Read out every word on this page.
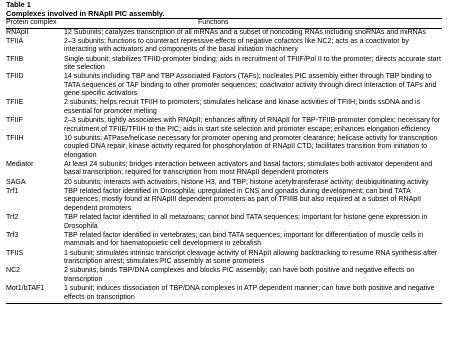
Table 1
Complexes involved in RNApII PIC assembly.
Protein complex	Functions
RNApII	12 Subunits; catalyzes transcription of all mRNAs and a subset of noncoding RNAs including snoRNAs and miRNAs
TFIIA	2–3 subunits; functions to counteract repressive effects of negative cofactors like NC2; acts as a coactivator by interacting with activators and components of the basal initiation machinery
TFIIB	Single subunit; stabilizes TFIID-promoter binding; aids in recruitment of TFIIF/Pol II to the promoter; directs accurate start site selection
TFIID	14 subunits including TBP and TBP Associated Factors (TAFs); nucleates PIC assembly either through TBP binding to TATA sequences or TAF binding to other promoter sequences; coactivator activity through direct interaction of TAFs and gene specific activators
TFIIE	2 subunits; helps recruit TFIIH to promoters; stimulates helicase and kinase activities of TFIIH; binds ssDNA and is essential for promoter melting
TFIIF	2–3 subunits; tightly associates with RNApII; enhances affinity of RNApII for TBP-TFIIB-promoter complex; necessary for recruitment of TFIIE/TFIIH to the PIC; aids in start site selection and promoter escape; enhances elongation efficiency
TFIIH	10 subunits; ATPase/helicase necessary for promoter opening and promoter clearance; helicase activity for transcription coupled DNA repair; kinase activity required for phosphorylation of RNApII CTD; facilitates transition from initiation to elongation
Mediator	At least 24 subunits; bridges interaction between activators and basal factors; stimulates both activator dependent and basal transcription; required for transcription from most RNApII dependent promoters
SAGA	20 subunits; interacts with activators, histone H3, and TBP; histone acetyltransferase activity; deubiquitinating activity
Trf1	TBP related factor identified in Drosophila; upregulated in CNS and gonads during development; can bind TATA sequences; mostly found at RNApIII dependent promoters as part of TFIIIB but also required at a subset of RNApII dependent promoters
Trf2	TBP related factor identified in all metazoans; cannot bind TATA sequences; important for histone gene expression in Drosophila
Trf3	TBP related factor identified in vertebrates; can bind TATA sequences; important for differentiation of muscle cells in mammals and for haematopoietic cell development in zebrafish
TFIIS	1 subunit; stimulates intrinsic transcript cleavage activity of RNApII allowing backtracking to resume RNA synthesis after transcription arrest; stimulates PIC assembly at some promoters
NC2	2 subunits; binds TBP/DNA complexes and blocks PIC assembly; can have both positive and negative effects on transcription
Mot1/bTAF1	1 subunit; induces dissociation of TBP/DNA complexes in ATP dependent manner; can have both positive and negative effects on transcription
